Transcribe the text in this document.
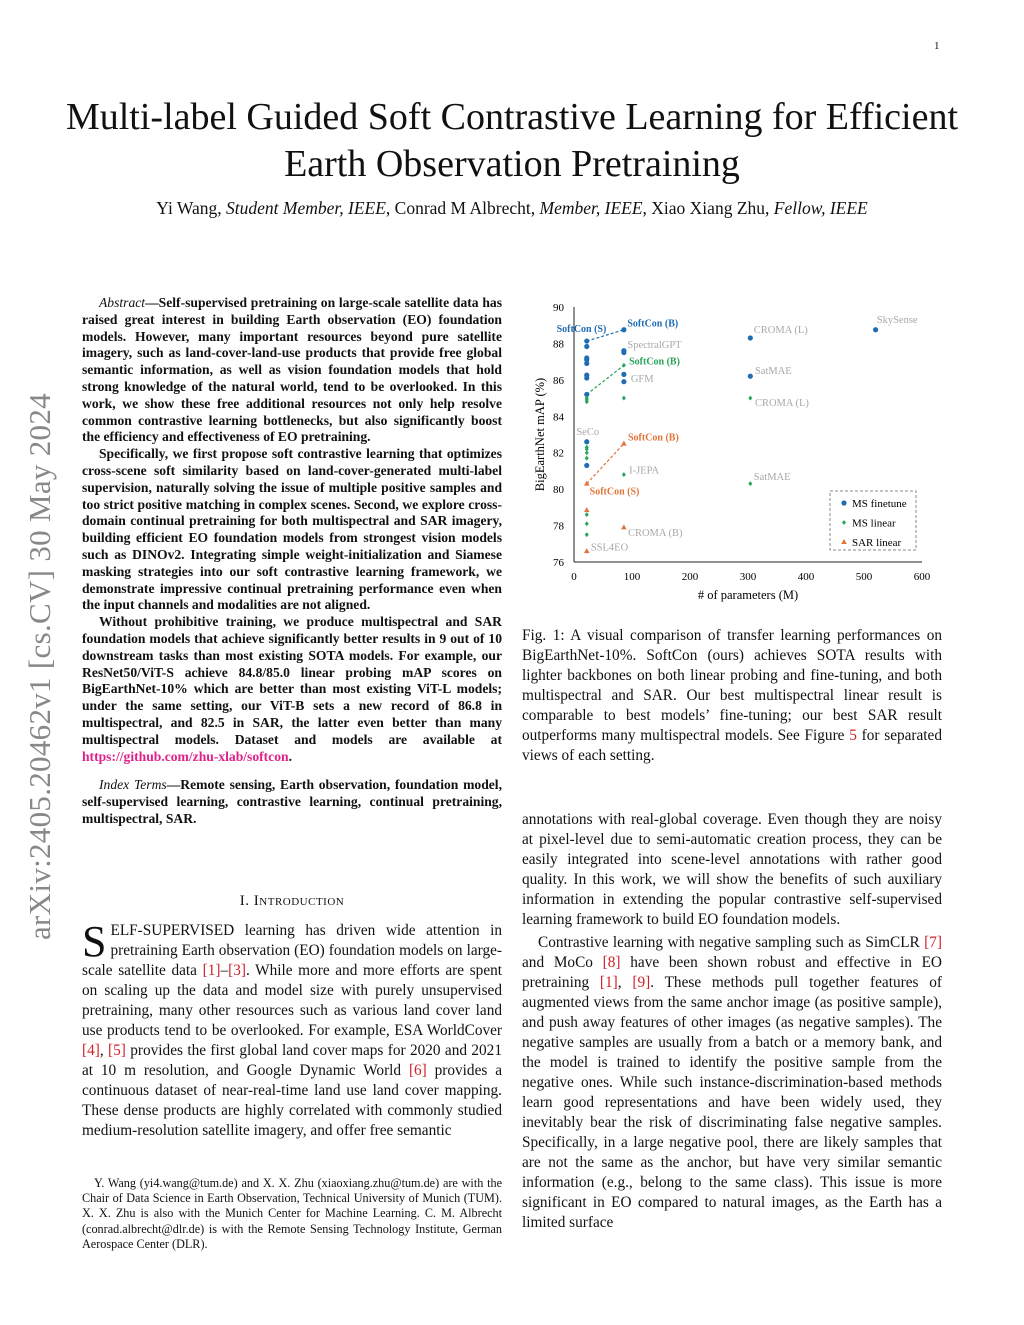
1
arXiv:2405.20462v1 [cs.CV] 30 May 2024
Multi-label Guided Soft Contrastive Learning for Efficient Earth Observation Pretraining
Yi Wang, Student Member, IEEE, Conrad M Albrecht, Member, IEEE, Xiao Xiang Zhu, Fellow, IEEE

Abstract—Self-supervised pretraining on large-scale satellite data has raised great interest in building Earth observation (EO) foundation models. However, many important resources beyond pure satellite imagery, such as land-cover-land-use products that provide free global semantic information, as well as vision foundation models that hold strong knowledge of the natural world, tend to be overlooked. In this work, we show these free additional resources not only help resolve common contrastive learning bottlenecks, but also significantly boost the efficiency and effectiveness of EO pretraining.

Specifically, we first propose soft contrastive learning that optimizes cross-scene soft similarity based on land-cover-generated multi-label supervision, naturally solving the issue of multiple positive samples and too strict positive matching in complex scenes. Second, we explore cross-domain continual pretraining for both multispectral and SAR imagery, building efficient EO foundation models from strongest vision models such as DINOv2. Integrating simple weight-initialization and Siamese masking strategies into our soft contrastive learning framework, we demonstrate impressive continual pretraining performance even when the input channels and modalities are not aligned.

Without prohibitive training, we produce multispectral and SAR foundation models that achieve significantly better results in 9 out of 10 downstream tasks than most existing SOTA models. For example, our ResNet50/ViT-S achieve 84.8/85.0 linear probing mAP scores on BigEarthNet-10% which are better than most existing ViT-L models; under the same setting, our ViT-B sets a new record of 86.8 in multispectral, and 82.5 in SAR, the latter even better than many multispectral models. Dataset and models are available at https://github.com/zhu-xlab/softcon.

Index Terms—Remote sensing, Earth observation, foundation model, self-supervised learning, contrastive learning, continual pretraining, multispectral, SAR.

I. Introduction

SELF-SUPERVISED learning has driven wide attention in pretraining Earth observation (EO) foundation models on large-scale satellite data [1]–[3]. While more and more efforts are spent on scaling up the data and model size with purely unsupervised pretraining, many other resources such as various land cover land use products tend to be overlooked. For example, ESA WorldCover [4], [5] provides the first global land cover maps for 2020 and 2021 at 10 m resolution, and Google Dynamic World [6] provides a continuous dataset of near-real-time land use land cover mapping. These dense products are highly correlated with commonly studied medium-resolution satellite imagery, and offer free semantic

Y. Wang (yi4.wang@tum.de) and X. X. Zhu (xiaoxiang.zhu@tum.de) are with the Chair of Data Science in Earth Observation, Technical University of Munich (TUM). X. X. Zhu is also with the Munich Center for Machine Learning. C. M. Albrecht (conrad.albrecht@dlr.de) is with the Remote Sensing Technology Institute, German Aerospace Center (DLR).

76
78
80
82
84
86
88
90
0	100	200	300	400	500	600
# of parameters (M)
BigEarthNet mAP (%)
SoftCon (S)
SoftCon (B)
SpectralGPT
SoftCon (B)
GFM
CROMA (L)
SkySense
SatMAE
CROMA (L)
SeCo
SoftCon (B)
I-JEPA
SatMAE
SoftCon (S)
CROMA (B)
SSL4EO
MS finetune
MS linear
SAR linear
Fig. 1: A visual comparison of transfer learning performances on BigEarthNet-10%. SoftCon (ours) achieves SOTA results with lighter backbones on both linear probing and fine-tuning, and both multispectral and SAR. Our best multispectral linear result is comparable to best models’ fine-tuning; our best SAR result outperforms many multispectral models. See Figure 5 for separated views of each setting.

annotations with real-global coverage. Even though they are noisy at pixel-level due to semi-automatic creation process, they can be easily integrated into scene-level annotations with rather good quality. In this work, we will show the benefits of such auxiliary information in extending the popular contrastive self-supervised learning framework to build EO foundation models.

Contrastive learning with negative sampling such as SimCLR [7] and MoCo [8] have been shown robust and effective in EO pretraining [1], [9]. These methods pull together features of augmented views from the same anchor image (as positive sample), and push away features of other images (as negative samples). The negative samples are usually from a batch or a memory bank, and the model is trained to identify the positive sample from the negative ones. While such instance-discrimination-based methods learn good representations and have been widely used, they inevitably bear the risk of discriminating false negative samples. Specifically, in a large negative pool, there are likely samples that are not the same as the anchor, but have very similar semantic information (e.g., belong to the same class). This issue is more significant in EO compared to natural images, as the Earth has a limited surface
